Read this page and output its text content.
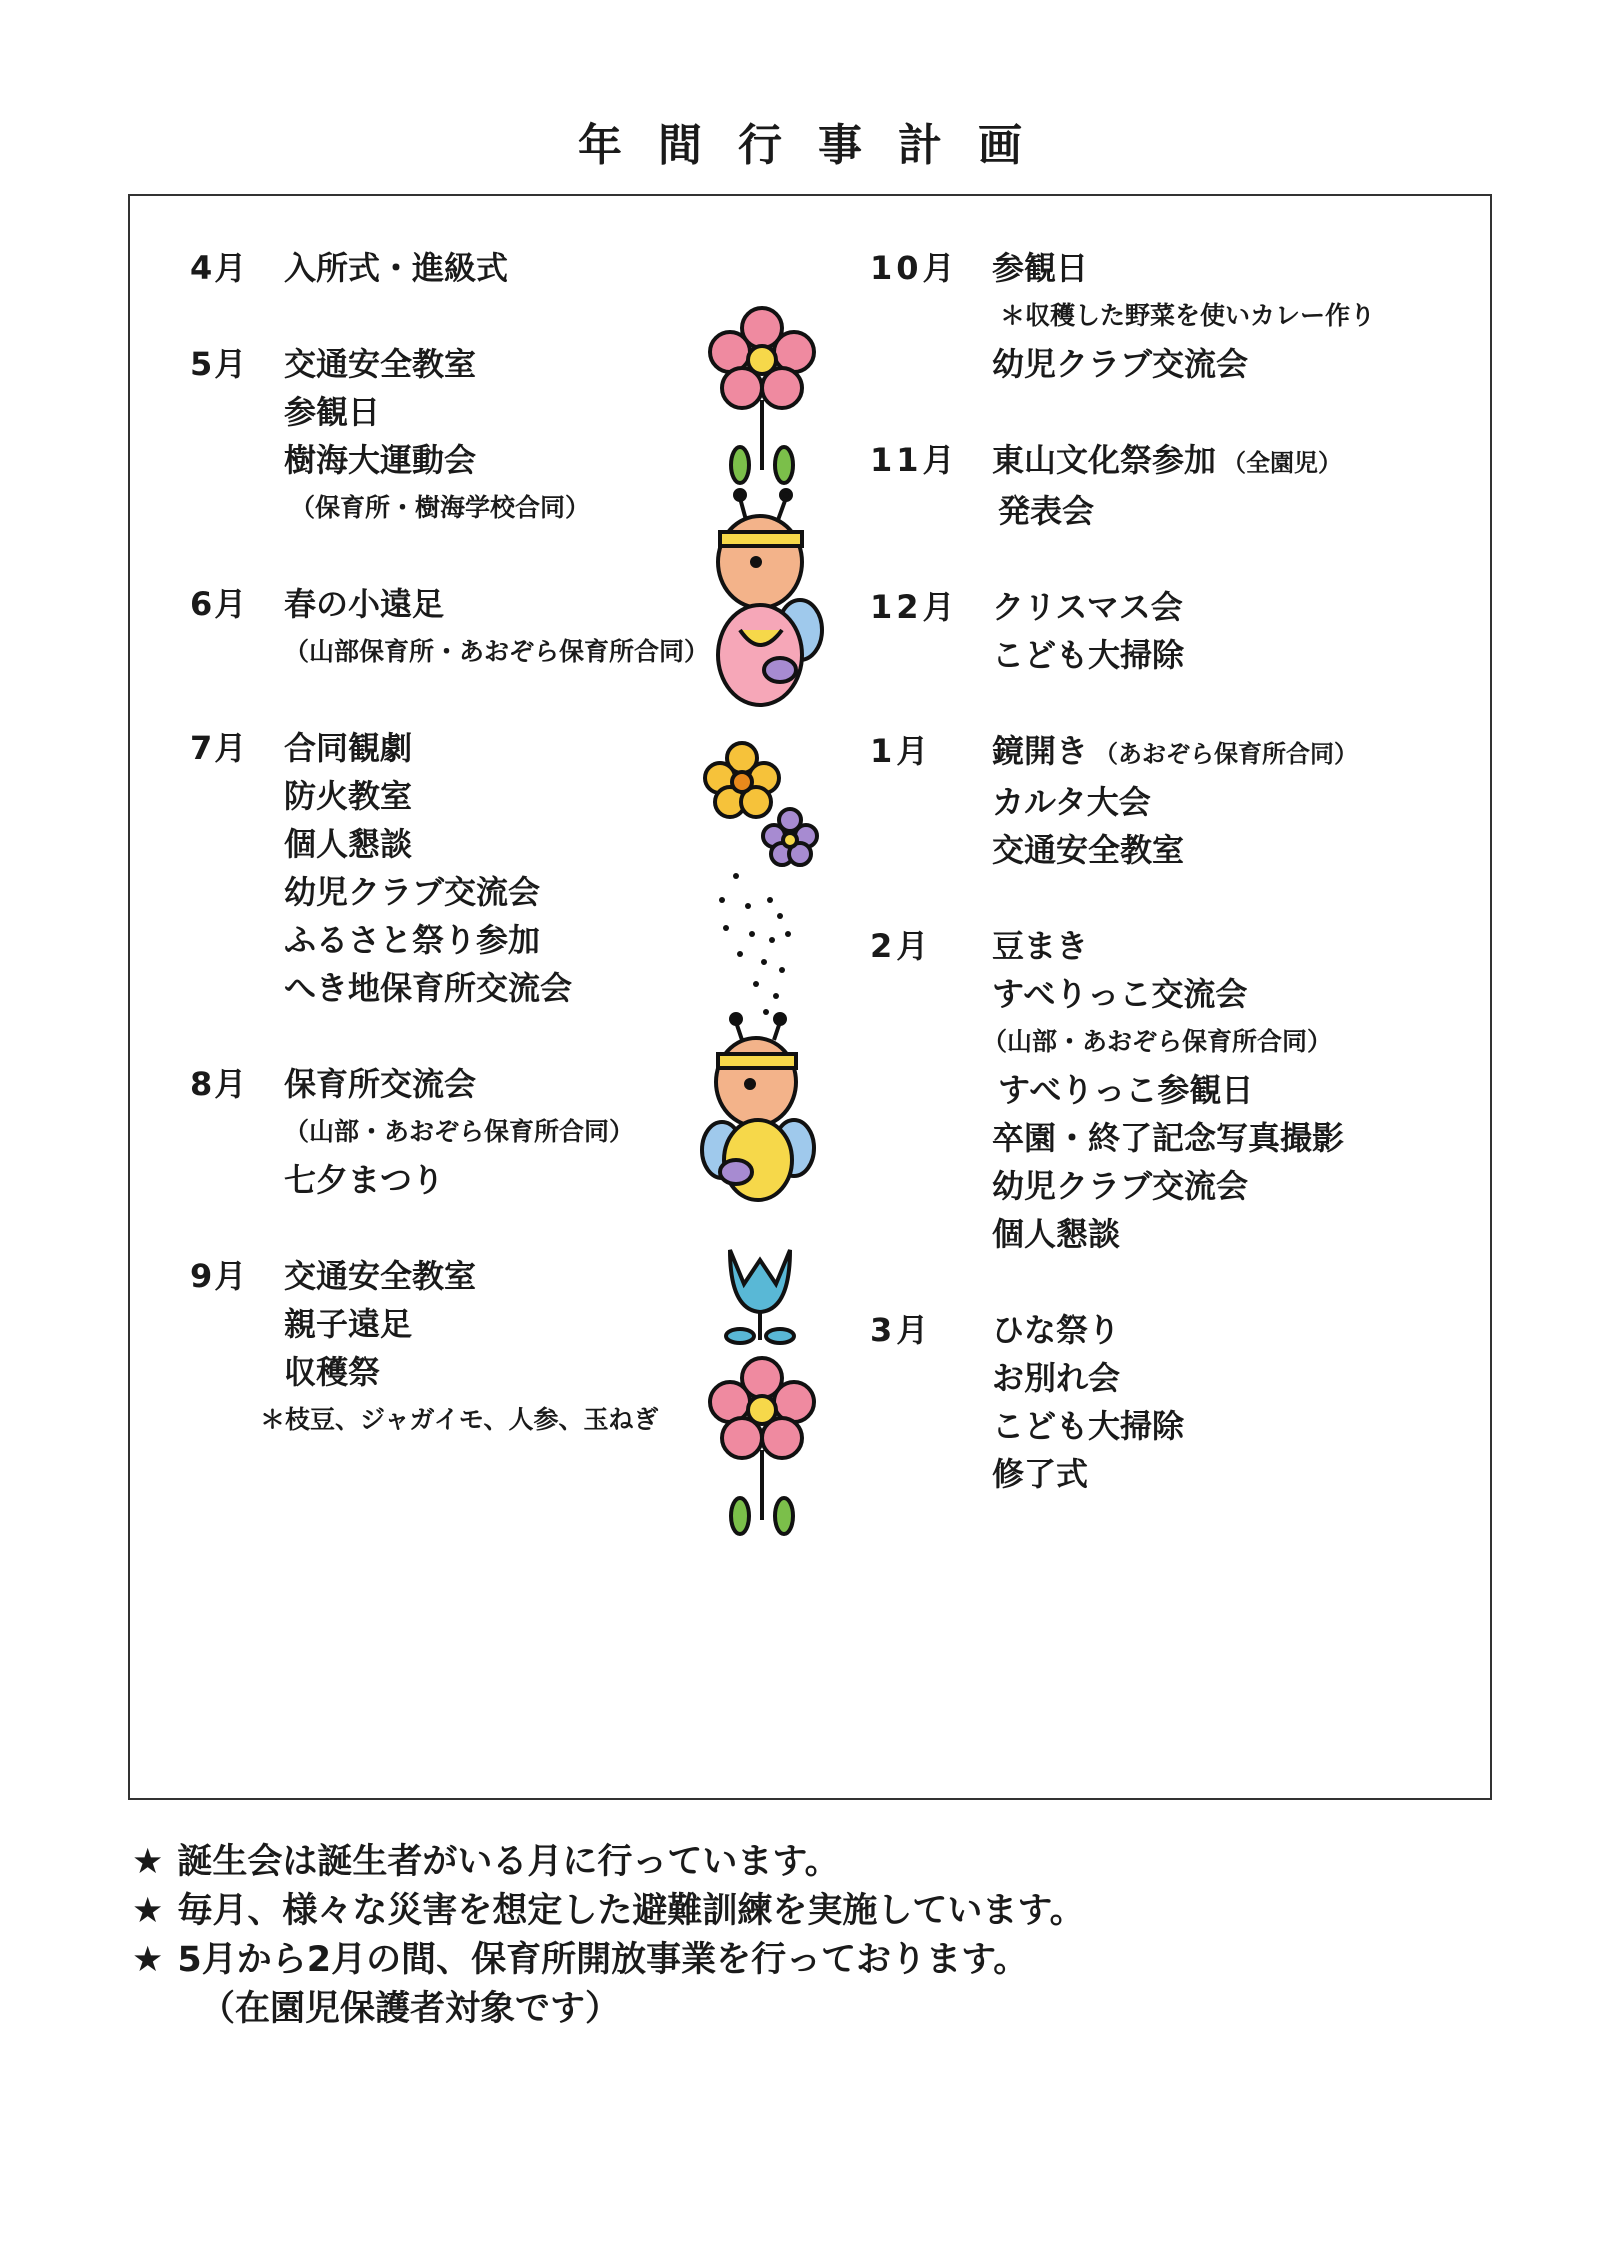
年間行事計画
4月 入所式・進級式
5月 交通安全教室
参観日
樹海大運動会
（保育所・樹海学校合同）
6月 春の小遠足
（山部保育所・あおぞら保育所合同）
7月 合同観劇
防火教室
個人懇談
幼児クラブ交流会
ふるさと祭り参加
へき地保育所交流会
8月 保育所交流会
（山部・あおぞら保育所合同）
七夕まつり
9月 交通安全教室
親子遠足
収穫祭
＊枝豆、ジャガイモ、人参、玉ねぎ
10月 参観日
＊収穫した野菜を使いカレー作り
幼児クラブ交流会
11月 東山文化祭参加 （全園児）
発表会
12月 クリスマス会
こども大掃除
1月 鏡開き （あおぞら保育所合同）
カルタ大会
交通安全教室
2月 豆まき
すべりっこ交流会
（山部・あおぞら保育所合同）
すべりっこ参観日
卒園・終了記念写真撮影
幼児クラブ交流会
個人懇談
3月 ひな祭り
お別れ会
こども大掃除
修了式
★ 誕生会は誕生者がいる月に行っています。
★ 毎月、様々な災害を想定した避難訓練を実施しています。
★ 5月から2月の間、保育所開放事業を行っております。
（在園児保護者対象です）
